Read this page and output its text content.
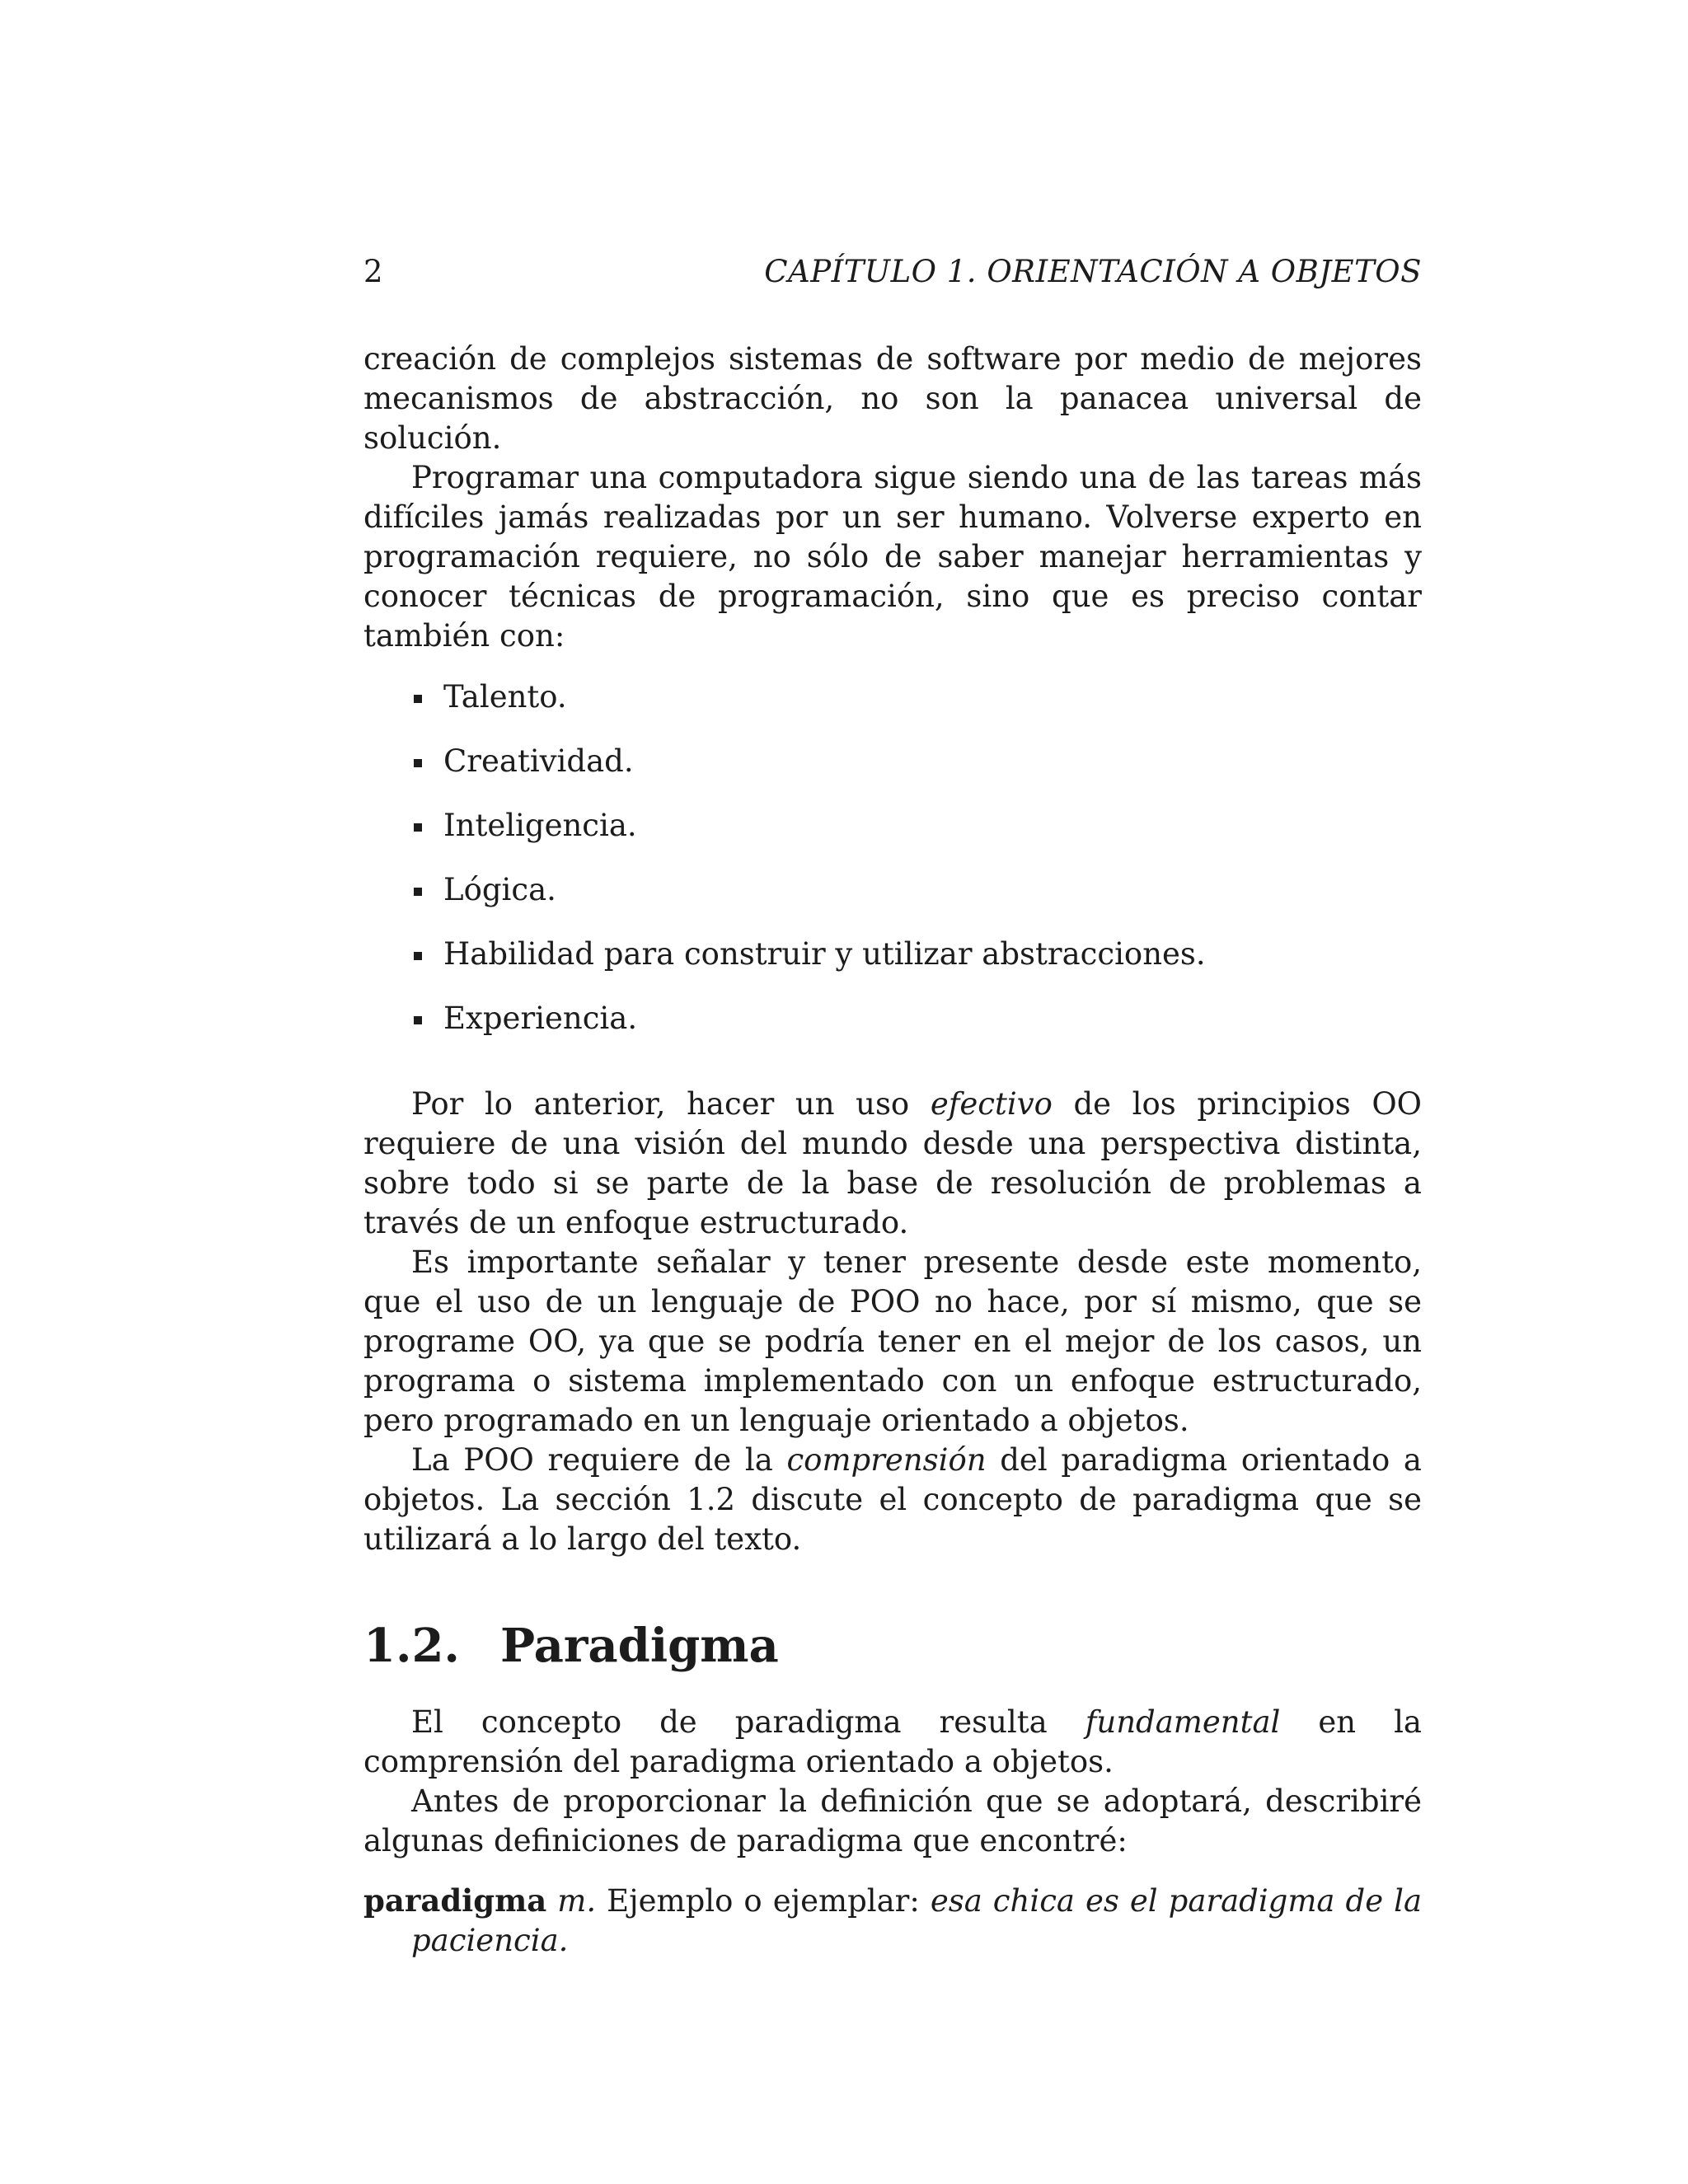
2	CAPÍTULO 1. ORIENTACIÓN A OBJETOS

creación de complejos sistemas de software por medio de mejores mecanismos de abstracción, no son la panacea universal de solución.

Programar una computadora sigue siendo una de las tareas más difíciles jamás realizadas por un ser humano. Volverse experto en programación requiere, no sólo de saber manejar herramientas y conocer técnicas de programación, sino que es preciso contar también con:

Talento.
Creatividad.
Inteligencia.
Lógica.
Habilidad para construir y utilizar abstracciones.
Experiencia.

Por lo anterior, hacer un uso efectivo de los principios OO requiere de una visión del mundo desde una perspectiva distinta, sobre todo si se parte de la base de resolución de problemas a través de un enfoque estructurado.

Es importante señalar y tener presente desde este momento, que el uso de un lenguaje de POO no hace, por sí mismo, que se programe OO, ya que se podría tener en el mejor de los casos, un programa o sistema implementado con un enfoque estructurado, pero programado en un lenguaje orientado a objetos.

La POO requiere de la comprensión del paradigma orientado a objetos. La sección 1.2 discute el concepto de paradigma que se utilizará a lo largo del texto.

1.2. Paradigma

El concepto de paradigma resulta fundamental en la comprensión del paradigma orientado a objetos.

Antes de proporcionar la definición que se adoptará, describiré algunas definiciones de paradigma que encontré:

paradigma m. Ejemplo o ejemplar: esa chica es el paradigma de la paciencia.
